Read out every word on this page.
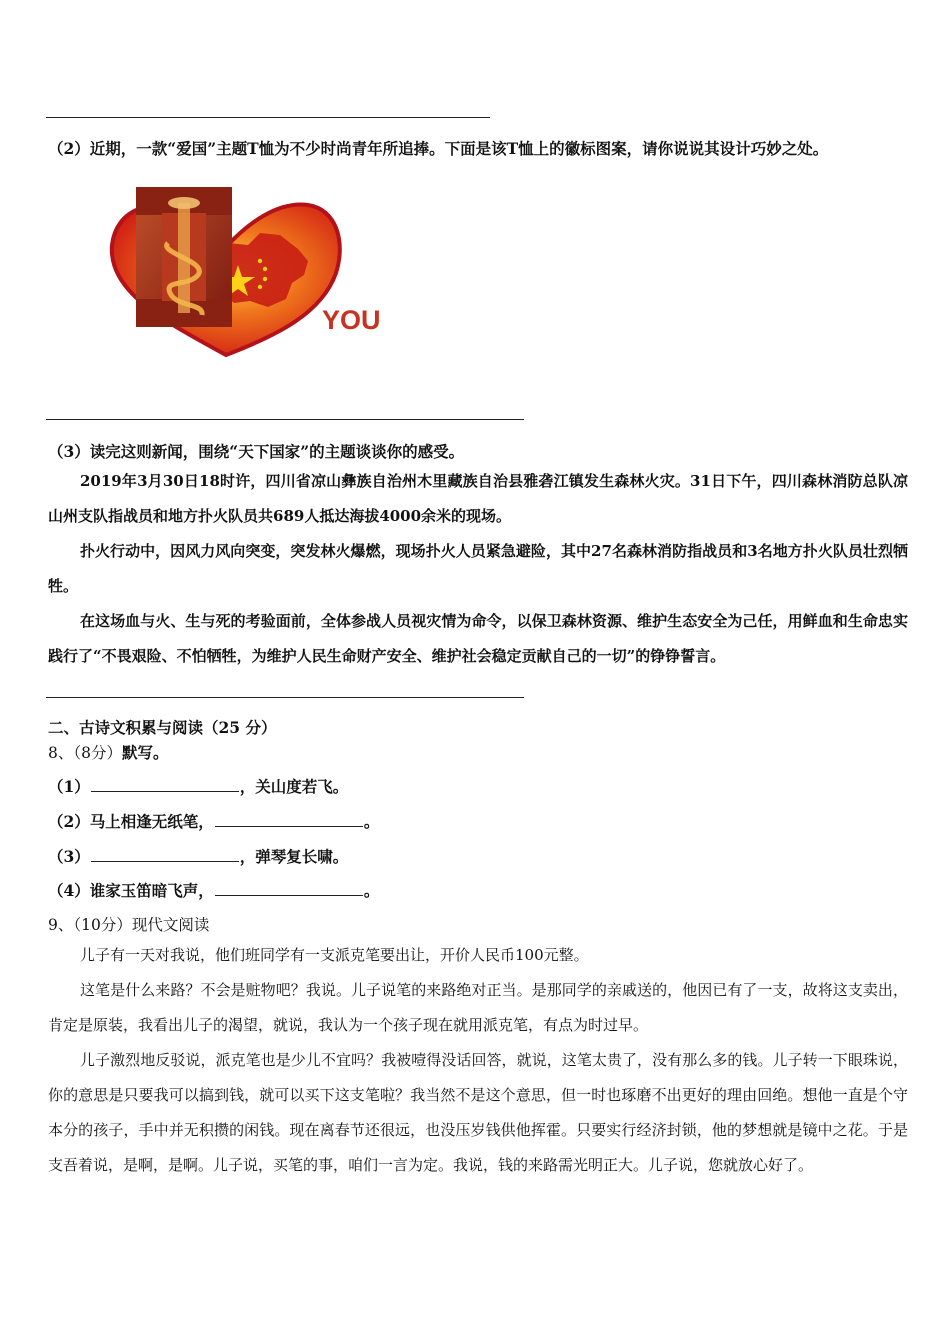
（2）近期，一款“爱国”主题T恤为不少时尚青年所追捧。下面是该T恤上的徽标图案，请你说说其设计巧妙之处。
YOU
（3）读完这则新闻，围绕“天下国家”的主题谈谈你的感受。
2019年3月30日18时许，四川省凉山彝族自治州木里藏族自治县雅砻江镇发生森林火灾。31日下午，四川森林消防总队凉山州支队指战员和地方扑火队员共689人抵达海拔4000余米的现场。
扑火行动中，因风力风向突变，突发林火爆燃，现场扑火人员紧急避险，其中27名森林消防指战员和3名地方扑火队员壮烈牺牲。
在这场血与火、生与死的考验面前，全体参战人员视灾情为命令，以保卫森林资源、维护生态安全为己任，用鲜血和生命忠实践行了“不畏艰险、不怕牺牲，为维护人民生命财产安全、维护社会稳定贡献自己的一切”的铮铮誓言。
二、古诗文积累与阅读（25 分）
8、（8分）默写。
（1）	，关山度若飞。
（2）马上相逢无纸笔，	。
（3）	，弹琴复长啸。
（4）谁家玉笛暗飞声，	。
9、（10分）现代文阅读
儿子有一天对我说，他们班同学有一支派克笔要出让，开价人民币100元整。
这笔是什么来路？不会是赃物吧？我说。儿子说笔的来路绝对正当。是那同学的亲戚送的，他因已有了一支，故将这支卖出，肯定是原装，我看出儿子的渴望，就说，我认为一个孩子现在就用派克笔，有点为时过早。
儿子激烈地反驳说，派克笔也是少儿不宜吗？我被噎得没话回答，就说，这笔太贵了，没有那么多的钱。儿子转一下眼珠说，你的意思是只要我可以搞到钱，就可以买下这支笔啦？我当然不是这个意思，但一时也琢磨不出更好的理由回绝。想他一直是个守本分的孩子，手中并无积攒的闲钱。现在离春节还很远，也没压岁钱供他挥霍。只要实行经济封锁，他的梦想就是镜中之花。于是支吾着说，是啊，是啊。儿子说，买笔的事，咱们一言为定。我说，钱的来路需光明正大。儿子说，您就放心好了。
